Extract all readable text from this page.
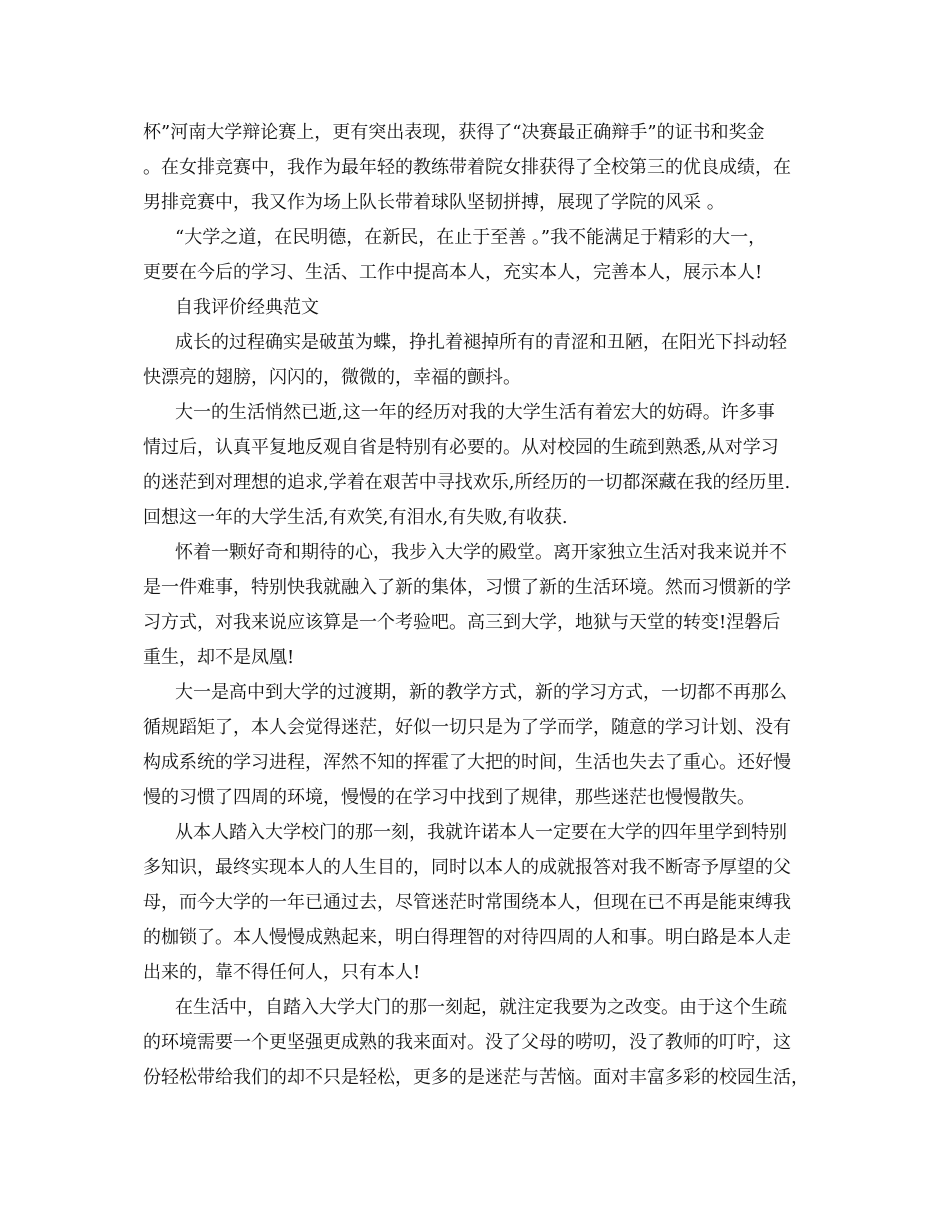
杯”河南大学辩论赛上，更有突出表现，获得了“决赛最正确辩手”的证书和奖金
。在女排竞赛中，我作为最年轻的教练带着院女排获得了全校第三的优良成绩，在
男排竞赛中，我又作为场上队长带着球队坚韧拼搏，展现了学院的风采 。
“大学之道，在民明德，在新民，在止于至善 。”我不能满足于精彩的大一，
更要在今后的学习、生活、工作中提高本人，充实本人，完善本人，展示本人!
自我评价经典范文
成长的过程确实是破茧为蝶，挣扎着褪掉所有的青涩和丑陋，在阳光下抖动轻
快漂亮的翅膀，闪闪的，微微的，幸福的颤抖。
大一的生活悄然已逝,这一年的经历对我的大学生活有着宏大的妨碍。许多事
情过后，认真平复地反观自省是特别有必要的。从对校园的生疏到熟悉,从对学习
的迷茫到对理想的追求,学着在艰苦中寻找欢乐,所经历的一切都深藏在我的经历里.
回想这一年的大学生活,有欢笑,有泪水,有失败,有收获.
怀着一颗好奇和期待的心，我步入大学的殿堂。离开家独立生活对我来说并不
是一件难事，特别快我就融入了新的集体，习惯了新的生活环境。然而习惯新的学
习方式，对我来说应该算是一个考验吧。高三到大学，地狱与天堂的转变!涅磐后
重生，却不是凤凰!
大一是高中到大学的过渡期，新的教学方式，新的学习方式，一切都不再那么
循规蹈矩了，本人会觉得迷茫，好似一切只是为了学而学，随意的学习计划、没有
构成系统的学习进程，浑然不知的挥霍了大把的时间，生活也失去了重心。还好慢
慢的习惯了四周的环境，慢慢的在学习中找到了规律，那些迷茫也慢慢散失。
从本人踏入大学校门的那一刻，我就许诺本人一定要在大学的四年里学到特别
多知识，最终实现本人的人生目的，同时以本人的成就报答对我不断寄予厚望的父
母，而今大学的一年已通过去，尽管迷茫时常围绕本人，但现在已不再是能束缚我
的枷锁了。本人慢慢成熟起来，明白得理智的对待四周的人和事。明白路是本人走
出来的，靠不得任何人，只有本人!
在生活中，自踏入大学大门的那一刻起，就注定我要为之改变。由于这个生疏
的环境需要一个更坚强更成熟的我来面对。没了父母的唠叨，没了教师的叮咛，这
份轻松带给我们的却不只是轻松，更多的是迷茫与苦恼。面对丰富多彩的校园生活，
